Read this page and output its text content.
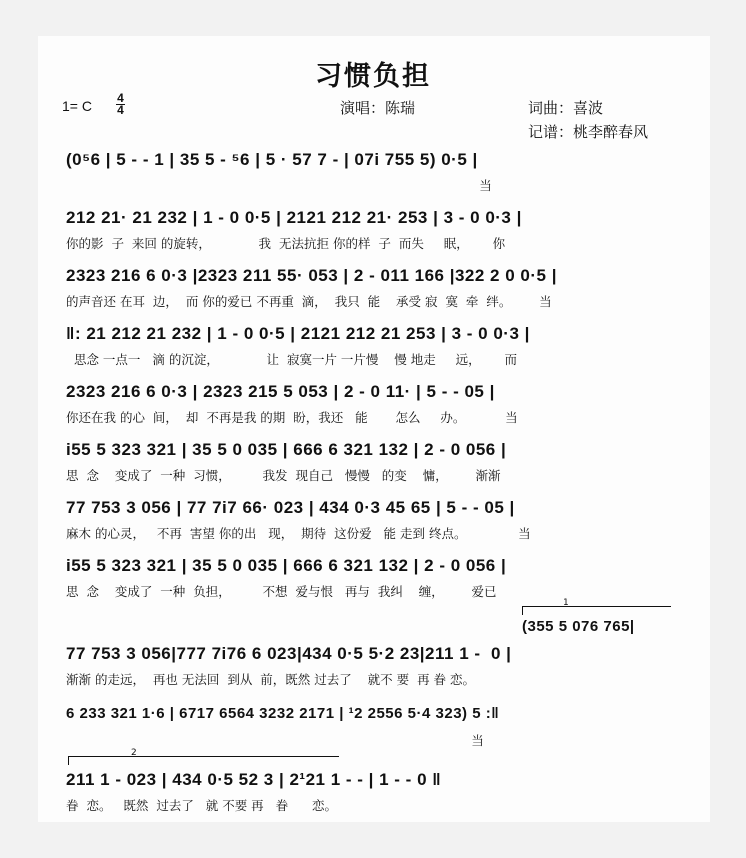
习惯负担
1= C 4
4	演唱：陈瑞	词曲：喜波
记谱：桃李醉春风
(0⁵6 | 5 - - 1 | 35 5 - ⁵6 | 5 · 57 7 - | 07i 755 5) 0·5 |
当
212 21· 21 232 | 1 - 0 0·5 | 2121 212 21· 253 | 3 - 0 0·3 |
你的影  子  来回 的旋转，            我  无法抗拒 你的样  子  而失     眠，      你
2323 216 6 0·3 |2323 211 55· 053 | 2 - 011 166 |322 2 0 0·5 |
的声音还 在耳  边，  而 你的爱已 不再重  滴，  我只  能    承受 寂  寞  牵  绊。       当
‖: 21 212 21 232 | 1 - 0 0·5 | 2121 212 21 253 | 3 - 0 0·3 |
思念 一点一   滴 的沉淀，            让  寂寞一片 一片慢    慢 地走     远，      而
2323 216 6 0·3 | 2323 215 5 053 | 2 - 0 11· | 5 - - 05 |
你还在我 的心  间，  却  不再是我 的期  盼，我还   能       怎么     办。          当
i55 5 323 321 | 35 5 0 035 | 666 6 321 132 | 2 - 0 056 |
思  念    变成了  一种  习惯，        我发  现自己   慢慢   的变    慵，       渐渐
77 753 3 056 | 77 7i7 66· 023 | 434 0·3 45 65 | 5 - - 05 |
麻木 的心灵，   不再  害望 你的出   现，  期待  这份爱   能 走到 终点。             当
i55 5 323 321 | 35 5 0 035 | 666 6 321 132 | 2 - 0 056 |
思  念    变成了  一种  负担，        不想  爱与恨   再与  我纠    缠，       爱已
1
(355 5 076 765|
77 753 3 056|777 7i76 6 023|434 0·5 5·2 23|211 1 -  0 |
渐渐 的走远，  再也 无法回  到从  前，既然 过去了    就不 要  再 眷 恋。
6 233 321 1·6 | 6717 6564 3232 2171 | ¹2 2556 5·4 323) 5 :‖
当
2
211 1 - 023 | 434 0·5 52 3 | 2¹21 1 - - | 1 - - 0 ‖
眷  恋。   既然  过去了   就 不要 再   眷      恋。
